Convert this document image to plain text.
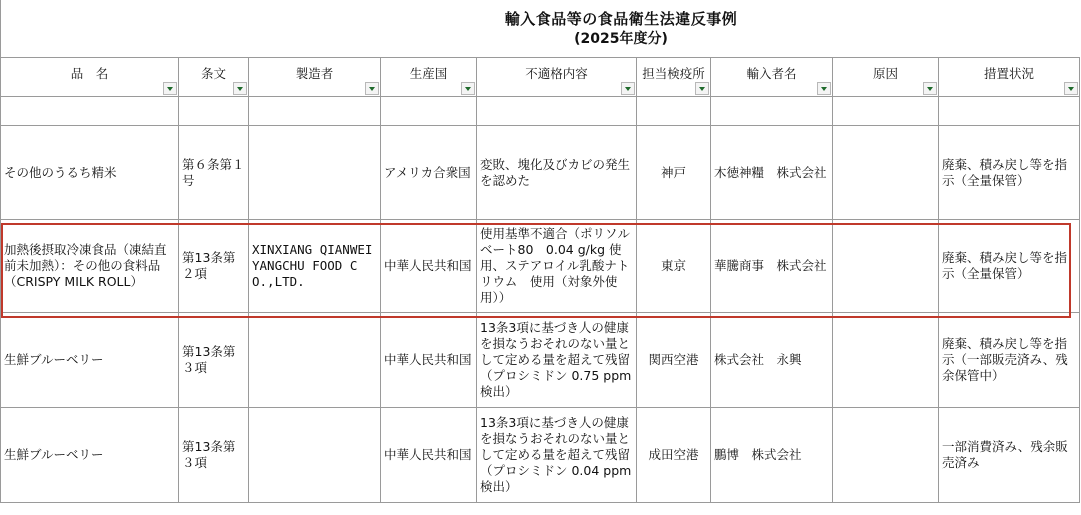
輸入食品等の食品衛生法違反事例
(2025年度分)
品　名	条文	製造者	生産国	不適格内容	担当検疫所	輸入者名	原因	措置状況

その他のうるち精米	第６条第１号		アメリカ合衆国	変敗、塊化及びカビの発生を認めた	神戸	木徳神糧　株式会社		廃棄、積み戻し等を指示（全量保管）
加熱後摂取冷凍食品（凍結直前未加熱）：その他の食料品（CRISPY MILK ROLL）	第13条第２項	XINXIANG QIANWEIYANGCHU FOOD CO.,LTD.	中華人民共和国	使用基準不適合（ポリソルベート80　0.04 g/kg 使用、ステアロイル乳酸ナトリウム　使用（対象外使用））	東京	華騰商事　株式会社		廃棄、積み戻し等を指示（全量保管）
生鮮ブルーベリー	第13条第３項		中華人民共和国	13条3項に基づき人の健康を損なうおそれのない量として定める量を超えて残留（プロシミドン 0.75 ppm 検出）	関西空港	株式会社　永興		廃棄、積み戻し等を指示（一部販売済み、残余保管中）
生鮮ブルーベリー	第13条第３項		中華人民共和国	13条3項に基づき人の健康を損なうおそれのない量として定める量を超えて残留（プロシミドン 0.04 ppm 検出）	成田空港	鵬博　株式会社		一部消費済み、残余販売済み
